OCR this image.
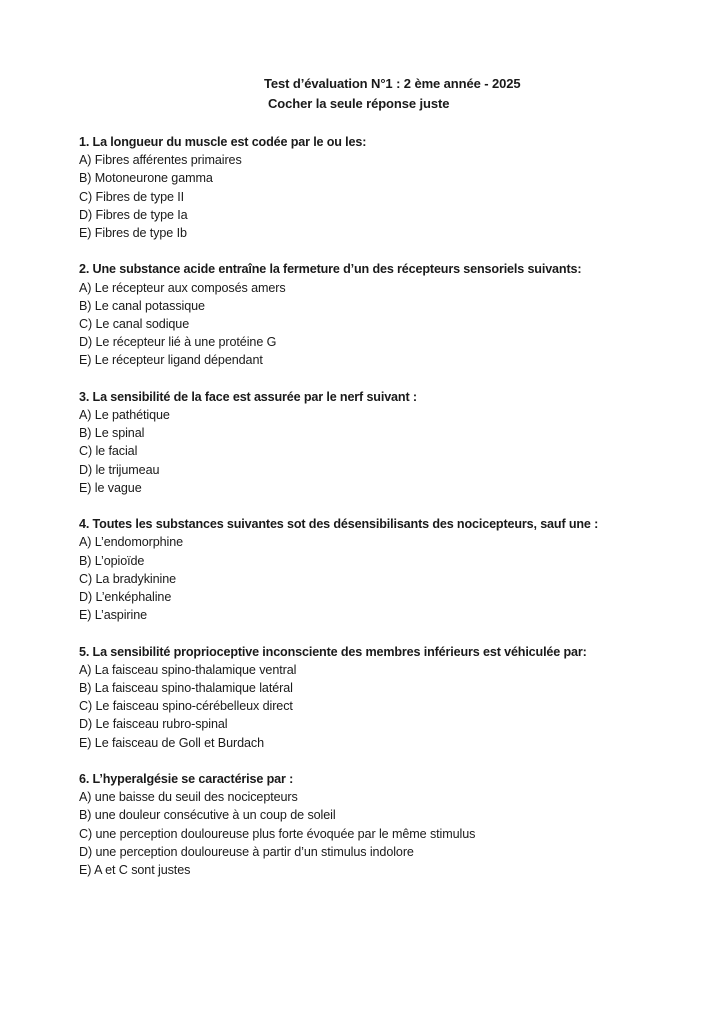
Test d’évaluation N°1 : 2 ème année - 2025
Cocher la seule réponse juste
1. La longueur du muscle est codée par le ou les:
A) Fibres afférentes primaires
B) Motoneurone gamma
C) Fibres de type II
D) Fibres de type Ia
E) Fibres de type Ib
2. Une substance acide entraîne la fermeture d’un des récepteurs sensoriels suivants:
A) Le récepteur aux composés amers
B) Le canal potassique
C) Le canal sodique
D) Le récepteur lié à une protéine G
E) Le récepteur ligand dépendant
3. La sensibilité de la face est assurée par le nerf suivant :
A) Le pathétique
B) Le spinal
C) le facial
D) le trijumeau
E) le vague
4. Toutes les substances suivantes sot des désensibilisants des nocicepteurs, sauf une :
A) L’endomorphine
B) L’opioïde
C) La bradykinine
D) L’enképhaline
E) L’aspirine
5. La sensibilité proprioceptive inconsciente des membres inférieurs est véhiculée par:
A) La faisceau spino-thalamique ventral
B) La faisceau spino-thalamique latéral
C) Le faisceau spino-cérébelleux direct
D) Le faisceau rubro-spinal
E) Le faisceau de Goll et Burdach
6. L’hyperalgésie se caractérise par :
A) une baisse du seuil des nocicepteurs
B) une douleur consécutive à un coup de soleil
C) une perception douloureuse plus forte évoquée par le même stimulus
D) une perception douloureuse à partir d’un stimulus indolore
E) A et C sont justes
